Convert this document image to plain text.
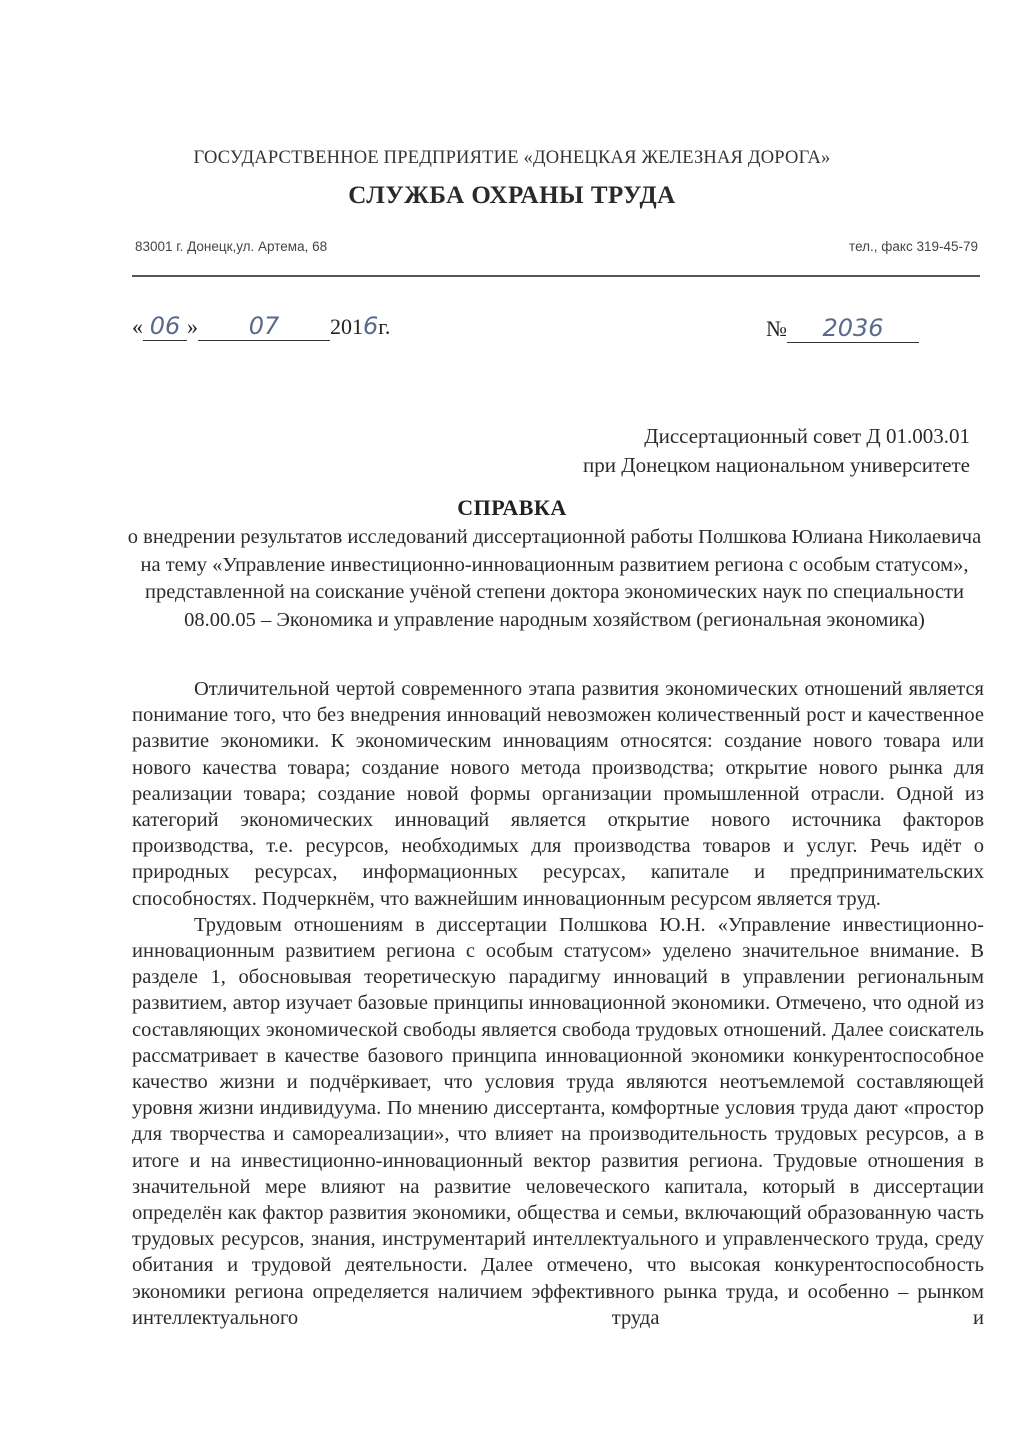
ГОСУДАРСТВЕННОЕ ПРЕДПРИЯТИЕ «ДОНЕЦКАЯ ЖЕЛЕЗНАЯ ДОРОГА»
СЛУЖБА ОХРАНЫ ТРУДА
83001 г. Донецк,ул. Артема, 68	тел., факс 319-45-79
« 06 » 07 2016г.	№ 2036
Диссертационный совет Д 01.003.01
при Донецком национальном университете
СПРАВКА
о внедрении результатов исследований диссертационной работы Полшкова Юлиана Николаевича на тему «Управление инвестиционно-инновационным развитием региона с особым статусом», представленной на соискание учёной степени доктора экономических наук по специальности 08.00.05 – Экономика и управление народным хозяйством (региональная экономика)

Отличительной чертой современного этапа развития экономических отношений является понимание того, что без внедрения инноваций невозможен количественный рост и качественное развитие экономики. К экономическим инновациям относятся: создание нового товара или нового качества товара; создание нового метода производства; открытие нового рынка для реализации товара; создание новой формы организации промышленной отрасли. Одной из категорий экономических инноваций является открытие нового источника факторов производства, т.е. ресурсов, необходимых для производства товаров и услуг. Речь идёт о природных ресурсах, информационных ресурсах, капитале и предпринимательских способностях. Подчеркнём, что важнейшим инновационным ресурсом является труд.

Трудовым отношениям в диссертации Полшкова Ю.Н. «Управление инвестиционно-инновационным развитием региона с особым статусом» уделено значительное внимание. В разделе 1, обосновывая теоретическую парадигму инноваций в управлении региональным развитием, автор изучает базовые принципы инновационной экономики. Отмечено, что одной из составляющих экономической свободы является свобода трудовых отношений. Далее соискатель рассматривает в качестве базового принципа инновационной экономики конкурентоспособное качество жизни и подчёркивает, что условия труда являются неотъемлемой составляющей уровня жизни индивидуума. По мнению диссертанта, комфортные условия труда дают «простор для творчества и самореализации», что влияет на производительность трудовых ресурсов, а в итоге и на инвестиционно-инновационный вектор развития региона. Трудовые отношения в значительной мере влияют на развитие человеческого капитала, который в диссертации определён как фактор развития экономики, общества и семьи, включающий образованную часть трудовых ресурсов, знания, инструментарий интеллектуального и управленческого труда, среду обитания и трудовой деятельности. Далее отмечено, что высокая конкурентоспособность экономики региона определяется наличием эффективного рынка труда, и особенно – рынком интеллектуального труда и
